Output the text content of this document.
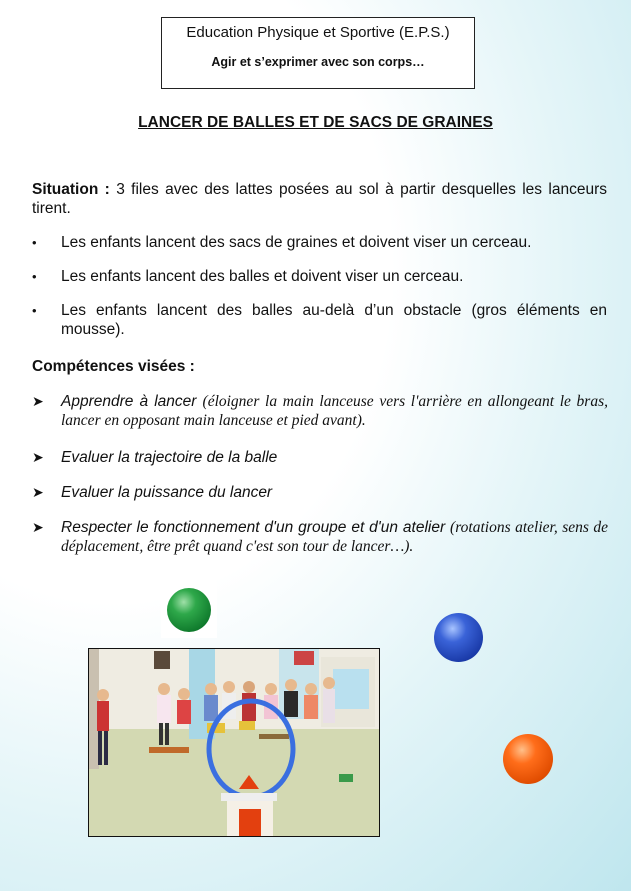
Education Physique et Sportive (E.P.S.)
Agir et s’exprimer avec son corps…
LANCER DE BALLES ET DE SACS DE GRAINES
Situation : 3 files avec des lattes posées au sol à partir desquelles les lanceurs tirent.
• Les enfants lancent des sacs de graines et doivent viser un cerceau.
• Les enfants lancent des balles et doivent viser un cerceau.
• Les enfants lancent des balles au-delà d’un obstacle (gros éléments en mousse).
Compétences visées :
➤ Apprendre à lancer (éloigner la main lanceuse vers l'arrière en allongeant le bras, lancer en opposant main lanceuse et pied avant).
➤ Evaluer la trajectoire de la balle
➤ Evaluer la puissance du lancer
➤ Respecter le fonctionnement d'un groupe et d'un atelier (rotations atelier, sens de déplacement, être prêt quand c'est son tour de lancer…).
